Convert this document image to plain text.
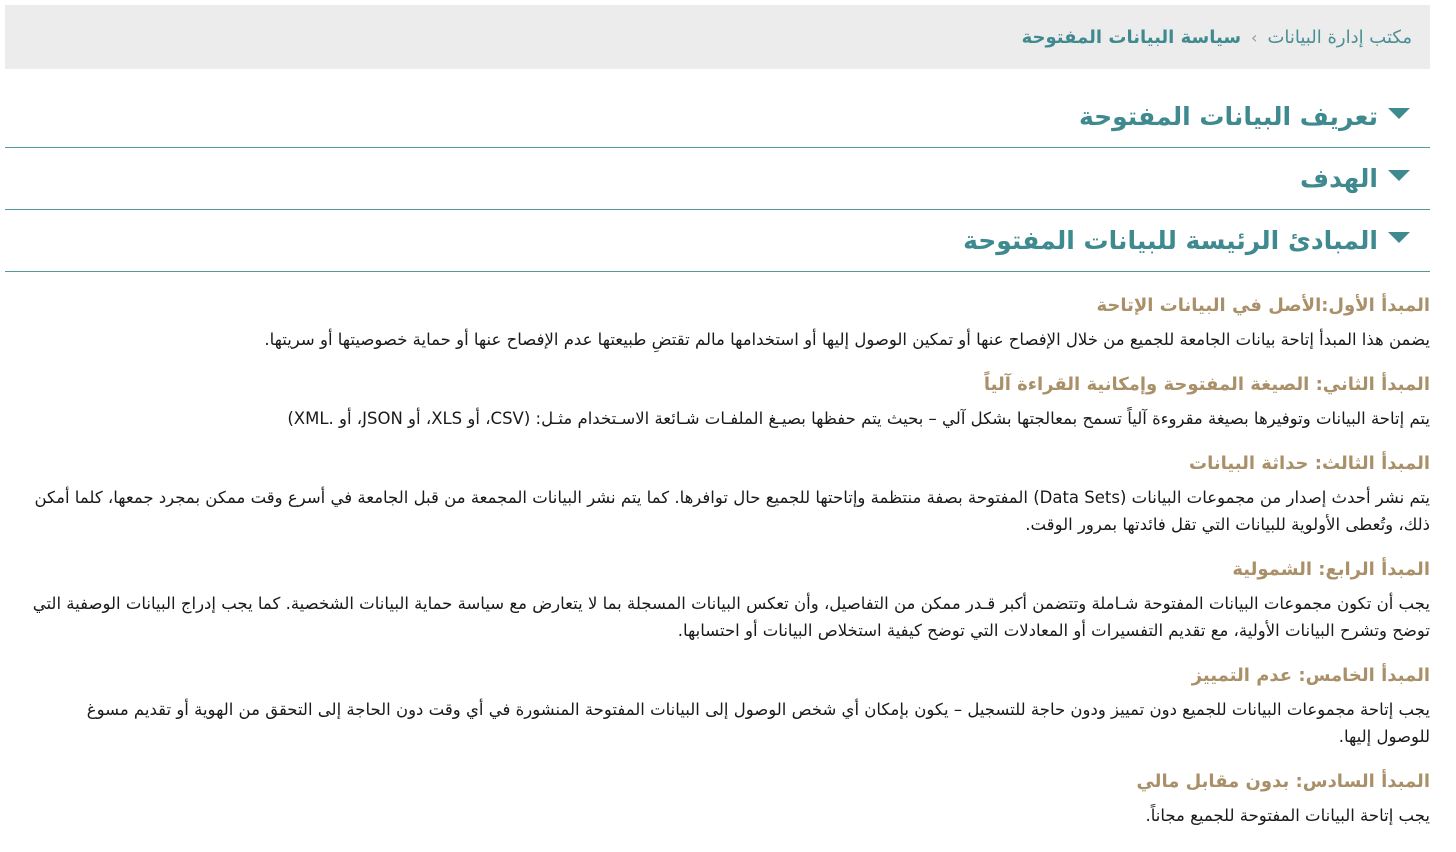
مكتب إدارة البيانات
›
سياسة البيانات المفتوحة
تعريف البيانات المفتوحة
الهدف
المبادئ الرئيسة للبيانات المفتوحة
المبدأ الأول:الأصل في البيانات الإتاحة

يضمن هذا المبدأ إتاحة بيانات الجامعة للجميع من خلال الإفصاح عنها أو تمكين الوصول إليها أو استخدامها مالم تقتضِ طبيعتها عدم الإفصاح عنها أو حماية خصوصيتها أو سريتها.

المبدأ الثاني: الصيغة المفتوحة وإمكانية القراءة آلياً

يتم إتاحة البيانات وتوفيرها بصيغة مقروءة آلياً تسمح بمعالجتها بشكل آلي – بحيث يتم حفظها بصيـغ الملفـات شـائعة الاسـتخدام مثـل: (CSV، أو XLS، أو JSON، أو .XML)

المبدأ الثالث: حداثة البيانات

يتم نشر أحدث إصدار من مجموعات البيانات (Data Sets) المفتوحة بصفة منتظمة وإتاحتها للجميع حال توافرها. كما يتم نشر البيانات المجمعة من قبل الجامعة في أسرع وقت ممكن بمجرد جمعها، كلما أمكن ذلك، وتُعطى الأولوية للبيانات التي تقل فائدتها بمرور الوقت.

المبدأ الرابع: الشمولية

يجب أن تكون مجموعات البيانات المفتوحة شـاملة وتتضمن أكبر قـدر ممكن من التفاصيل، وأن تعكس البيانات المسجلة بما لا يتعارض مع سياسة حماية البيانات الشخصية. كما يجب إدراج البيانات الوصفية التي توضح وتشرح البيانات الأولية، مع تقديم التفسيرات أو المعادلات التي توضح كيفية استخلاص البيانات أو احتسابها.

المبدأ الخامس: عدم التمييز

يجب إتاحة مجموعات البيانات للجميع دون تمييز ودون حاجة للتسجيل – يكون بإمكان أي شخص الوصول إلى البيانات المفتوحة المنشورة في أي وقت دون الحاجة إلى التحقق من الهوية أو تقديم مسوغ للوصول إليها.

المبدأ السادس: بدون مقابل مالي

يجب إتاحة البيانات المفتوحة للجميع مجاناً.
